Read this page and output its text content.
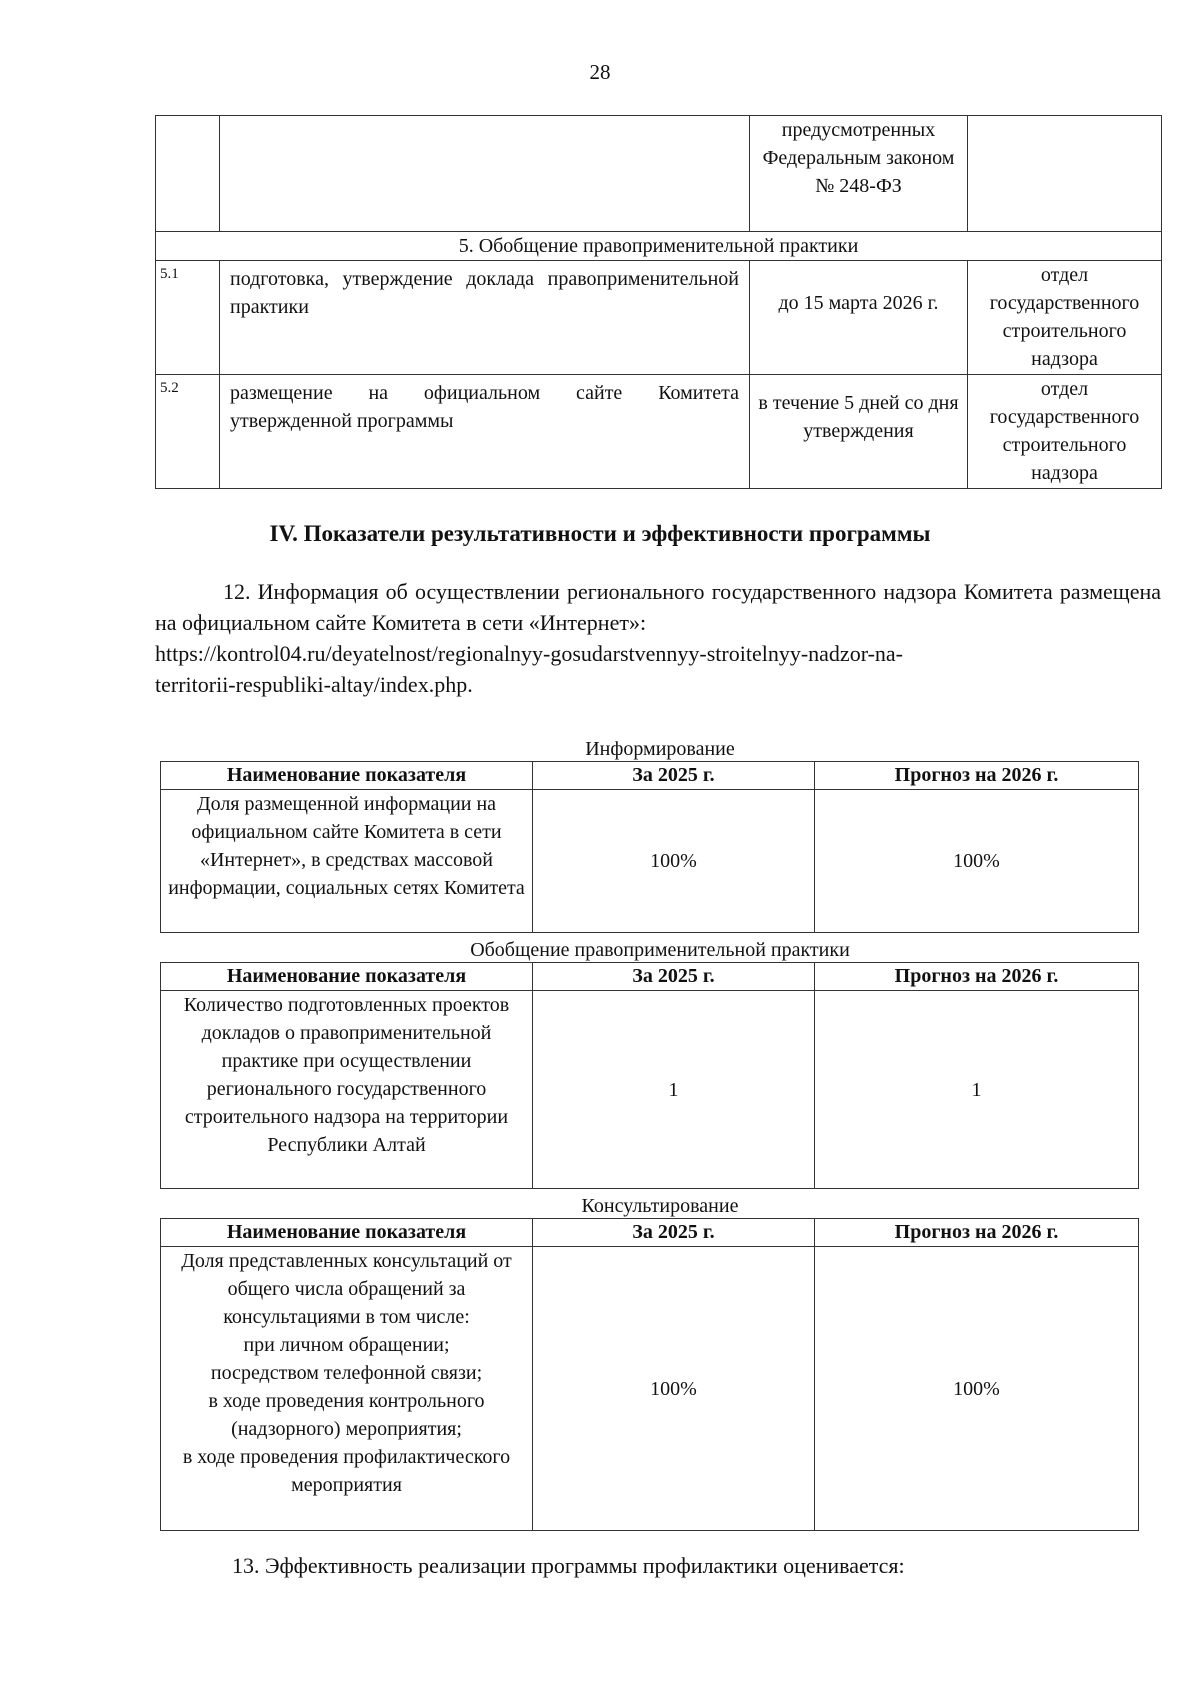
28
		предусмотренных Федеральным законом № 248-ФЗ	
5. Обобщение правоприменительной практики			
5.1	подготовка, утверждение доклада правоприменительной практики	до 15 марта 2026 г.	отдел государственного строительного надзора
5.2	размещение на официальном сайте Комитета утвержденной программы	в течение 5 дней со дня утверждения	отдел государственного строительного надзора
IV. Показатели результативности и эффективности программы
12. Информация об осуществлении регионального государственного надзора Комитета размещена на официальном сайте Комитета в сети «Интернет»:
https://kontrol04.ru/deyatelnost/regionalnyy-gosudarstvennyy-stroitelnyy-nadzor-na-
territorii-respubliki-altay/index.php.
Информирование
Наименование показателя	За 2025 г.	Прогноз на 2026 г.
Доля размещенной информации на официальном сайте Комитета в сети «Интернет», в средствах массовой информации, социальных сетях Комитета	100%	100%
Обобщение правоприменительной практики
Наименование показателя	За 2025 г.	Прогноз на 2026 г.
Количество подготовленных проектов докладов о правоприменительной практике при осуществлении регионального государственного строительного надзора на территории Республики Алтай	1	1
Консультирование
Наименование показателя	За 2025 г.	Прогноз на 2026 г.

Доля представленных консультаций от общего числа обращений за консультациями в том числе:
при личном обращении;
посредством телефонной связи;
в ходе проведения контрольного (надзорного) мероприятия;
в ходе проведения профилактического мероприятия	100%	100%
13. Эффективность реализации программы профилактики оценивается:
